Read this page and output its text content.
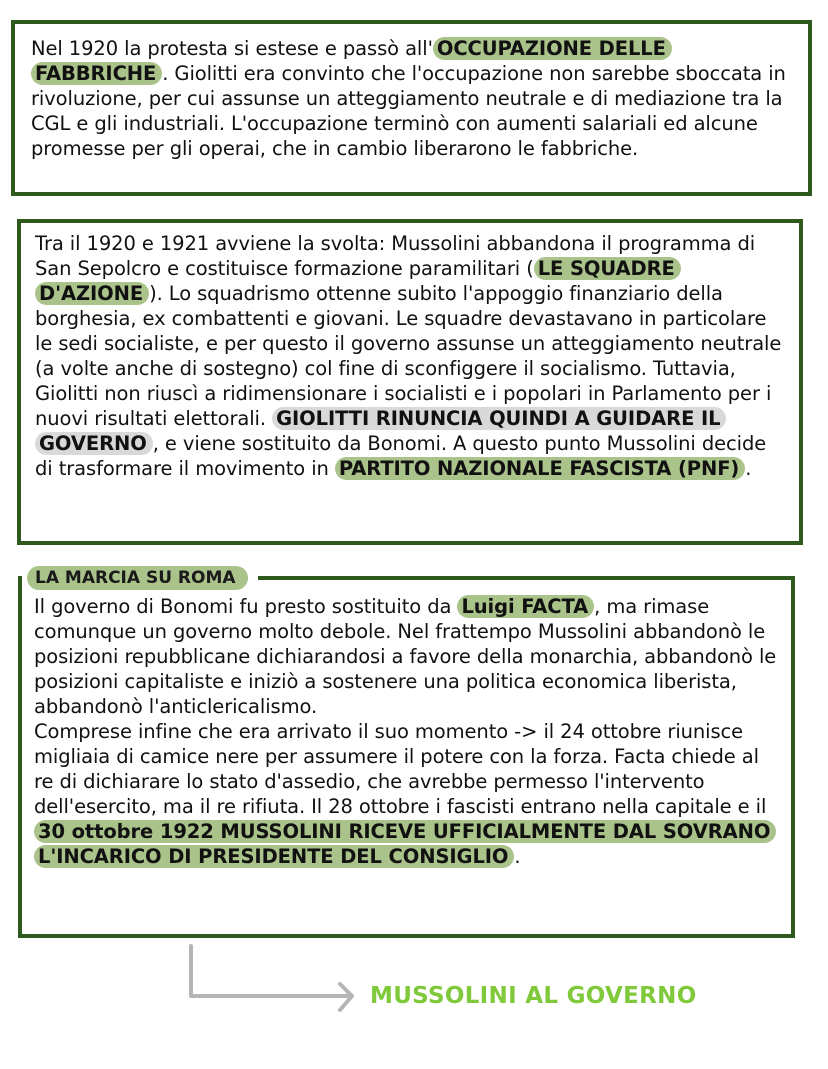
Nel 1920 la protesta si estese e passò all' OCCUPAZIONE DELLE FABBRICHE . Giolitti era convinto che l'occupazione non sarebbe sboccata in rivoluzione, per cui assunse un atteggiamento neutrale e di mediazione tra la CGL e gli industriali. L'occupazione terminò con aumenti salariali ed alcune promesse per gli operai, che in cambio liberarono le fabbriche.

Tra il 1920 e 1921 avviene la svolta: Mussolini abbandona il programma di San Sepolcro e costituisce formazione paramilitari ( LE SQUADRE D'AZIONE ). Lo squadrismo ottenne subito l'appoggio finanziario della borghesia, ex combattenti e giovani. Le squadre devastavano in particolare le sedi socialiste, e per questo il governo assunse un atteggiamento neutrale (a volte anche di sostegno) col fine di sconfiggere il socialismo. Tuttavia, Giolitti non riuscì a ridimensionare i socialisti e i popolari in Parlamento per i nuovi risultati elettorali. GIOLITTI RINUNCIA QUINDI A GUIDARE IL GOVERNO , e viene sostituito da Bonomi. A questo punto Mussolini decide di trasformare il movimento in PARTITO NAZIONALE FASCISTA (PNF) .

LA MARCIA SU ROMA

Il governo di Bonomi fu presto sostituito da Luigi FACTA , ma rimase comunque un governo molto debole. Nel frattempo Mussolini abbandonò le posizioni repubblicane dichiarandosi a favore della monarchia, abbandonò le posizioni capitaliste e iniziò a sostenere una politica economica liberista, abbandonò l'anticlericalismo.

Comprese infine che era arrivato il suo momento -> il 24 ottobre riunisce migliaia di camice nere per assumere il potere con la forza. Facta chiede al re di dichiarare lo stato d'assedio, che avrebbe permesso l'intervento dell'esercito, ma il re rifiuta. Il 28 ottobre i fascisti entrano nella capitale e il 30 ottobre 1922 MUSSOLINI RICEVE UFFICIALMENTE DAL SOVRANO L'INCARICO DI PRESIDENTE DEL CONSIGLIO .

MUSSOLINI AL GOVERNO
